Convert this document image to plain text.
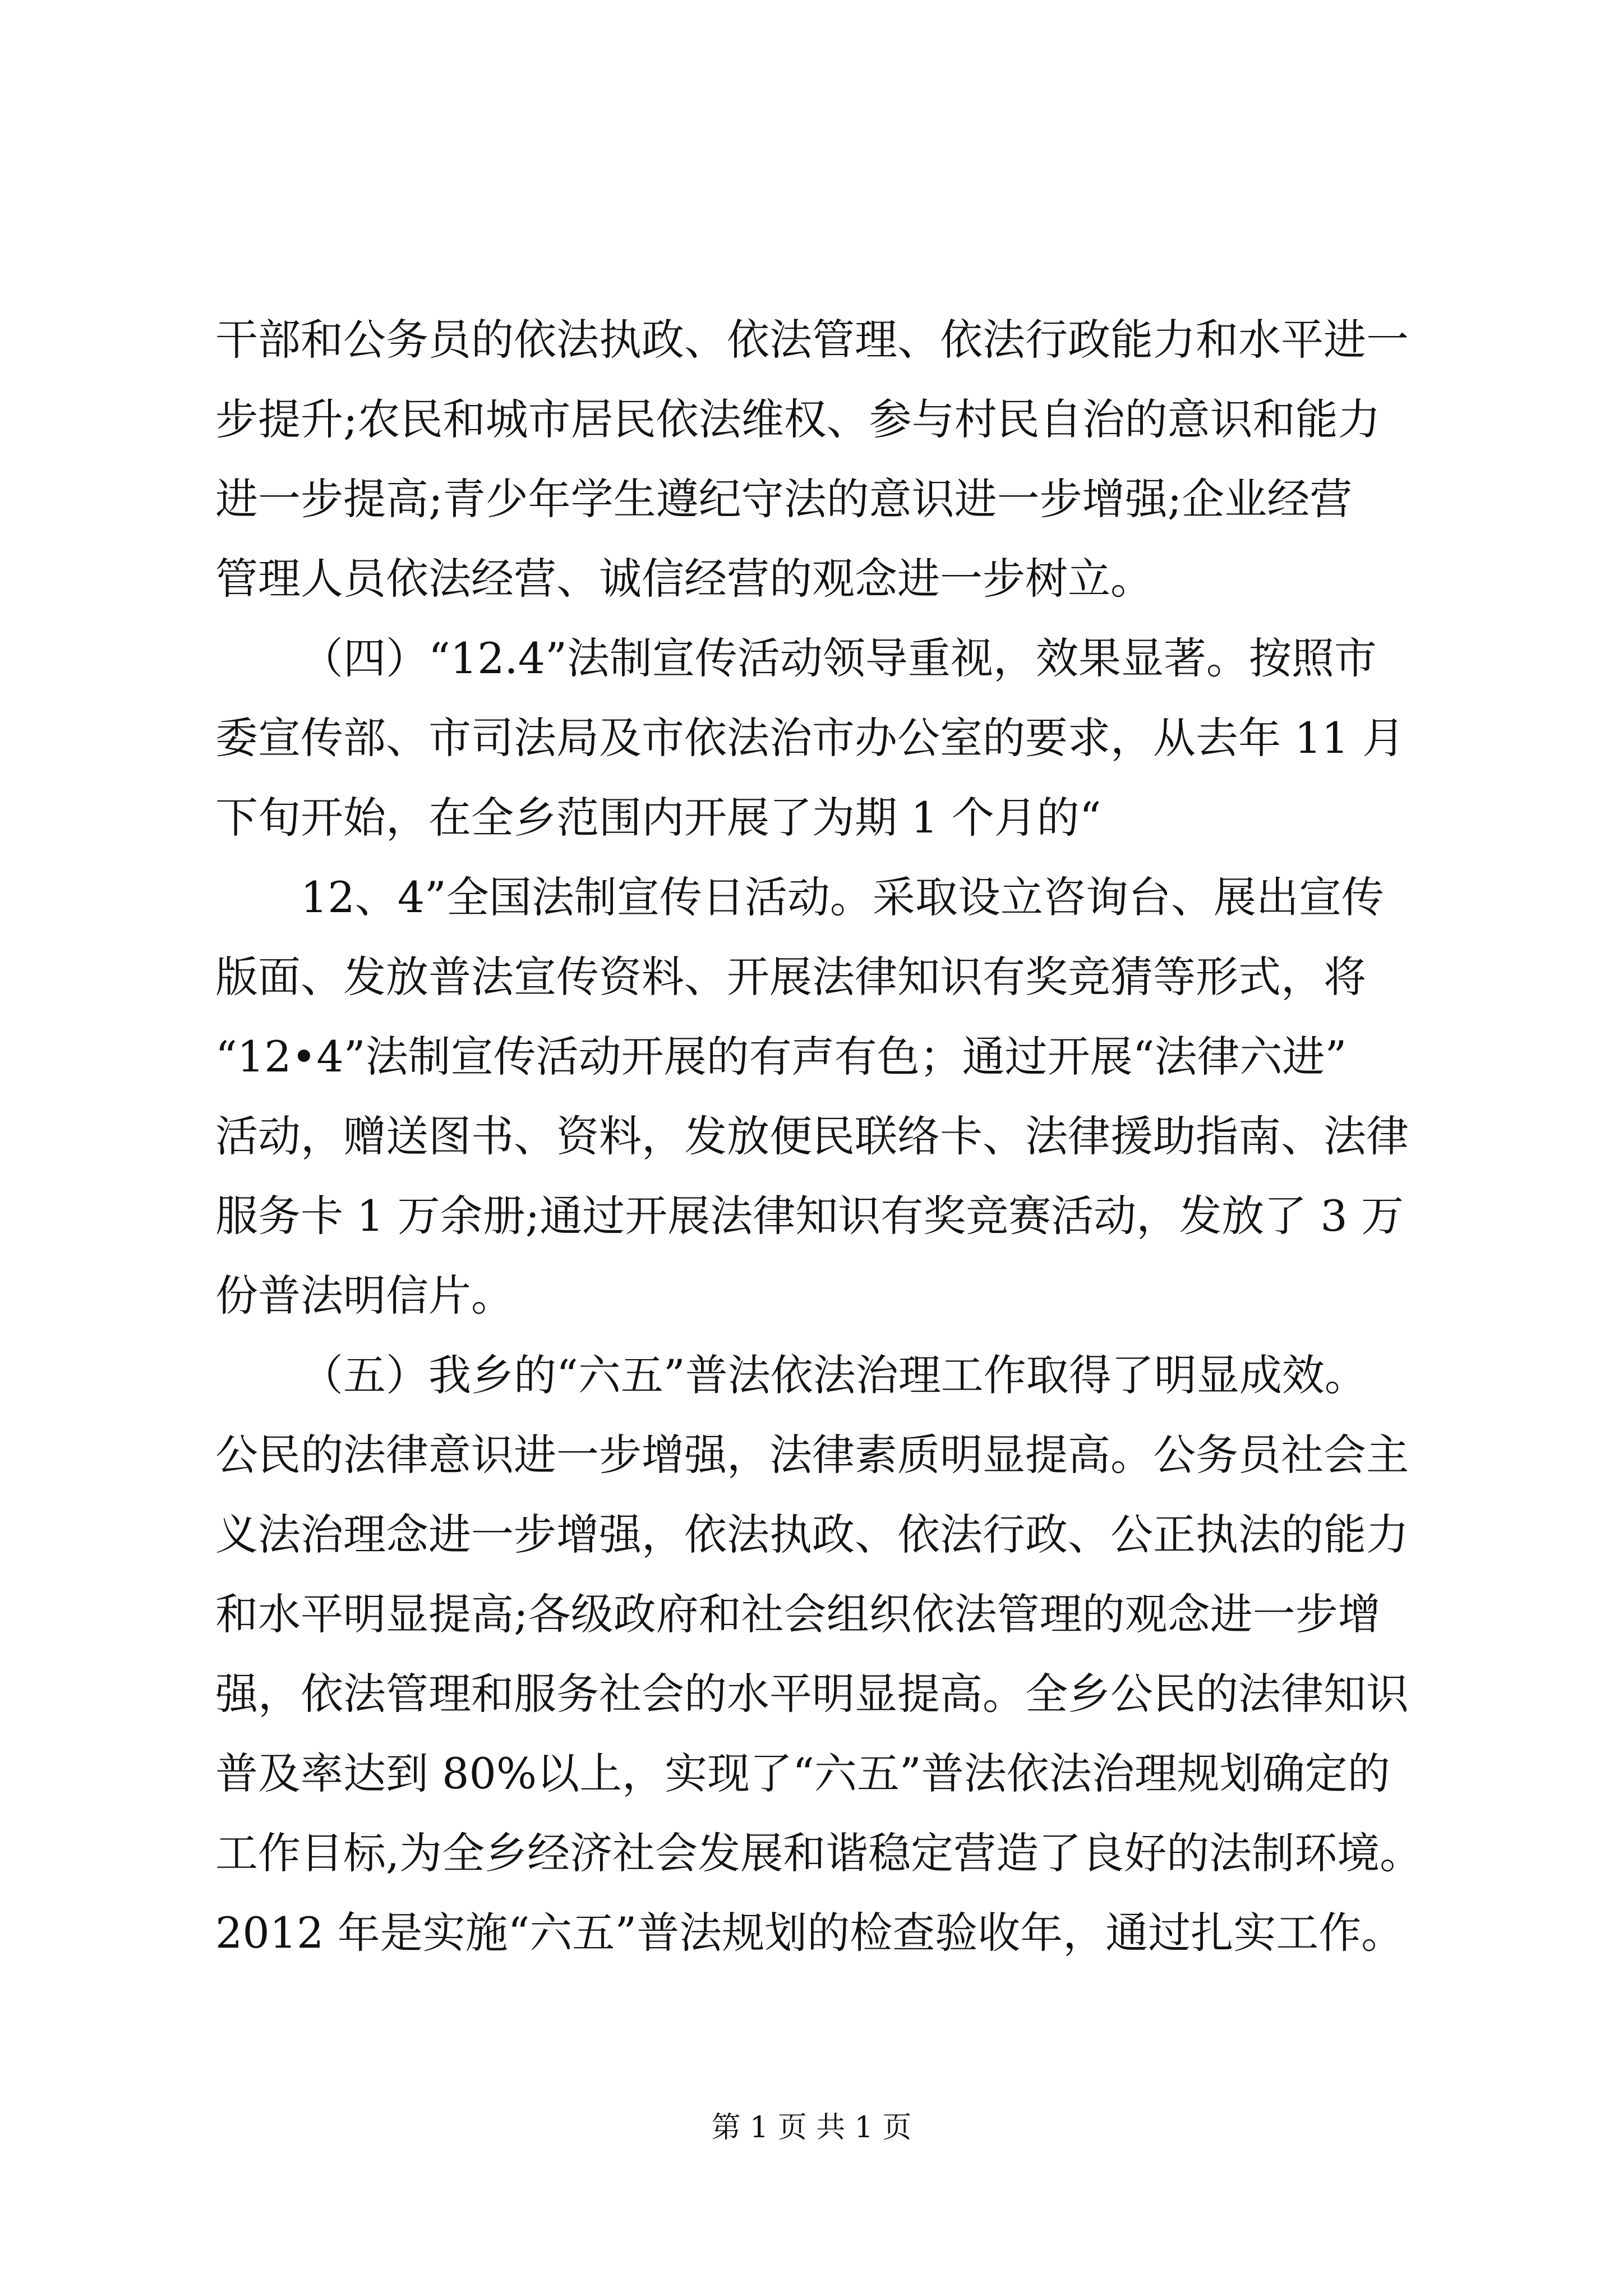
干部和公务员的依法执政、依法管理、依法行政能力和水平进一
步提升;农民和城市居民依法维权、参与村民自治的意识和能力
进一步提高;青少年学生遵纪守法的意识进一步增强;企业经营
管理人员依法经营、诚信经营的观念进一步树立。
（四）“12.4”法制宣传活动领导重视，效果显著。按照市
委宣传部、市司法局及市依法治市办公室的要求，从去年 11 月
下旬开始，在全乡范围内开展了为期 1 个月的“
12、4”全国法制宣传日活动。采取设立咨询台、展出宣传
版面、发放普法宣传资料、开展法律知识有奖竞猜等形式，将
“12•4”法制宣传活动开展的有声有色；通过开展“法律六进”
活动，赠送图书、资料，发放便民联络卡、法律援助指南、法律
服务卡 1 万余册;通过开展法律知识有奖竞赛活动，发放了 3 万
份普法明信片。
（五）我乡的“六五”普法依法治理工作取得了明显成效。
公民的法律意识进一步增强，法律素质明显提高。公务员社会主
义法治理念进一步增强，依法执政、依法行政、公正执法的能力
和水平明显提高;各级政府和社会组织依法管理的观念进一步增
强，依法管理和服务社会的水平明显提高。全乡公民的法律知识
普及率达到 80%以上，实现了“六五”普法依法治理规划确定的
工作目标,为全乡经济社会发展和谐稳定营造了良好的法制环境。
2012 年是实施“六五”普法规划的检查验收年，通过扎实工作。
第 1 页 共 1 页
